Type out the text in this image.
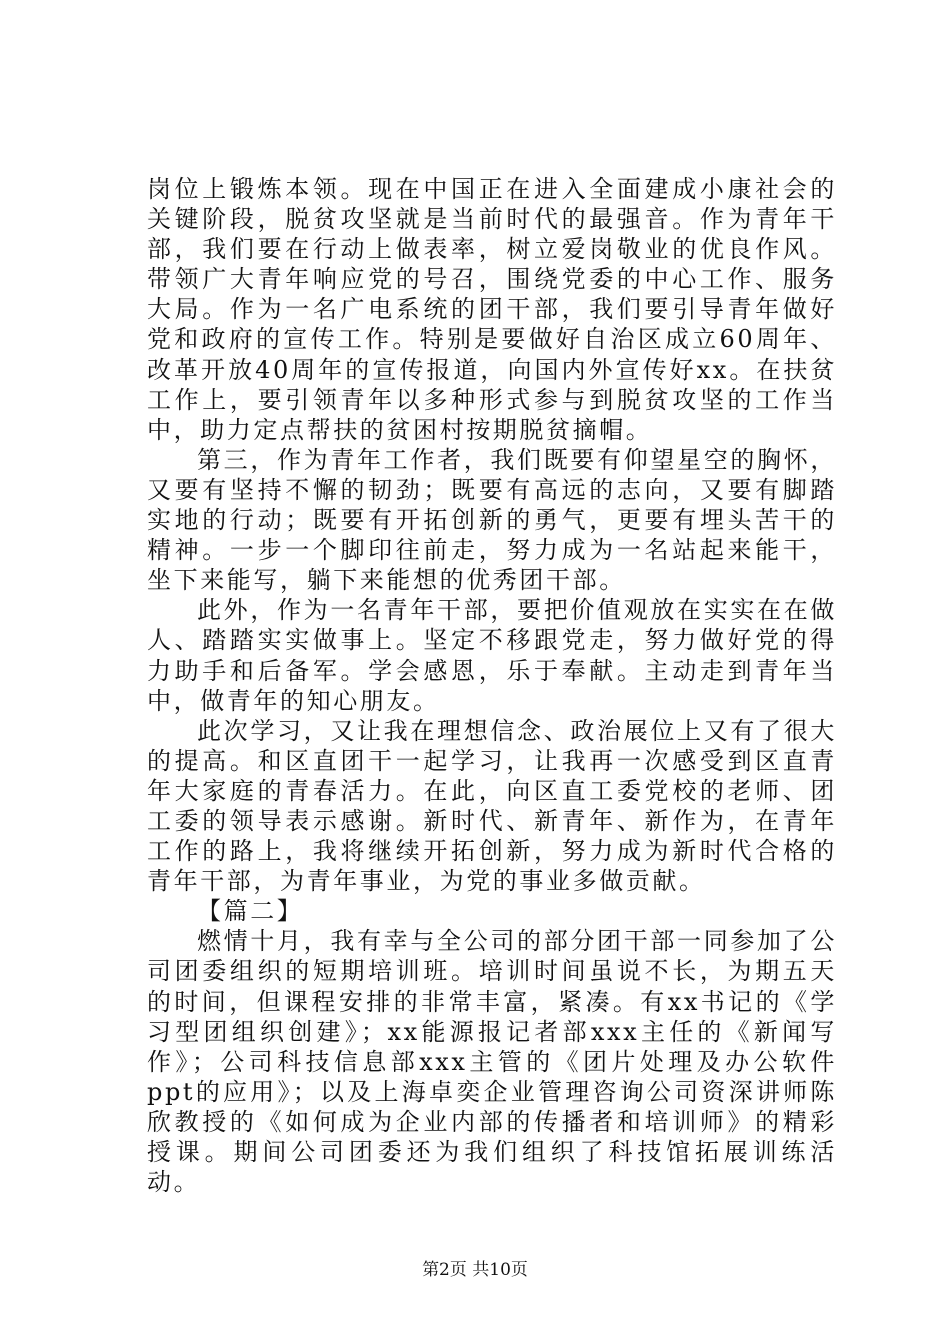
岗位上锻炼本领。现在中国正在进入全面建成小康社会的关键阶段，脱贫攻坚就是当前时代的最强音。作为青年干部，我们要在行动上做表率，树立爱岗敬业的优良作风。带领广大青年响应党的号召，围绕党委的中心工作、服务大局。作为一名广电系统的团干部，我们要引导青年做好党和政府的宣传工作。特别是要做好自治区成立60周年、改革开放40周年的宣传报道，向国内外宣传好xx。在扶贫工作上，要引领青年以多种形式参与到脱贫攻坚的工作当中，助力定点帮扶的贫困村按期脱贫摘帽。

第三，作为青年工作者，我们既要有仰望星空的胸怀，又要有坚持不懈的韧劲；既要有高远的志向，又要有脚踏实地的行动；既要有开拓创新的勇气，更要有埋头苦干的精神。一步一个脚印往前走，努力成为一名站起来能干，坐下来能写，躺下来能想的优秀团干部。

此外，作为一名青年干部，要把价值观放在实实在在做人、踏踏实实做事上。坚定不移跟党走，努力做好党的得力助手和后备军。学会感恩，乐于奉献。主动走到青年当中，做青年的知心朋友。

此次学习，又让我在理想信念、政治展位上又有了很大的提高。和区直团干一起学习，让我再一次感受到区直青年大家庭的青春活力。在此，向区直工委党校的老师、团工委的领导表示感谢。新时代、新青年、新作为，在青年工作的路上，我将继续开拓创新，努力成为新时代合格的青年干部，为青年事业，为党的事业多做贡献。

【篇二】

燃情十月，我有幸与全公司的部分团干部一同参加了公司团委组织的短期培训班。培训时间虽说不长，为期五天的时间，但课程安排的非常丰富，紧凑。有xx书记的《学习型团组织创建》；xx能源报记者部xxx主任的《新闻写作》；公司科技信息部xxx主管的《团片处理及办公软件ppt的应用》；以及上海卓奕企业管理咨询公司资深讲师陈欣教授的《如何成为企业内部的传播者和培训师》的精彩授课。期间公司团委还为我们组织了科技馆拓展训练活动。

第2页 共10页
